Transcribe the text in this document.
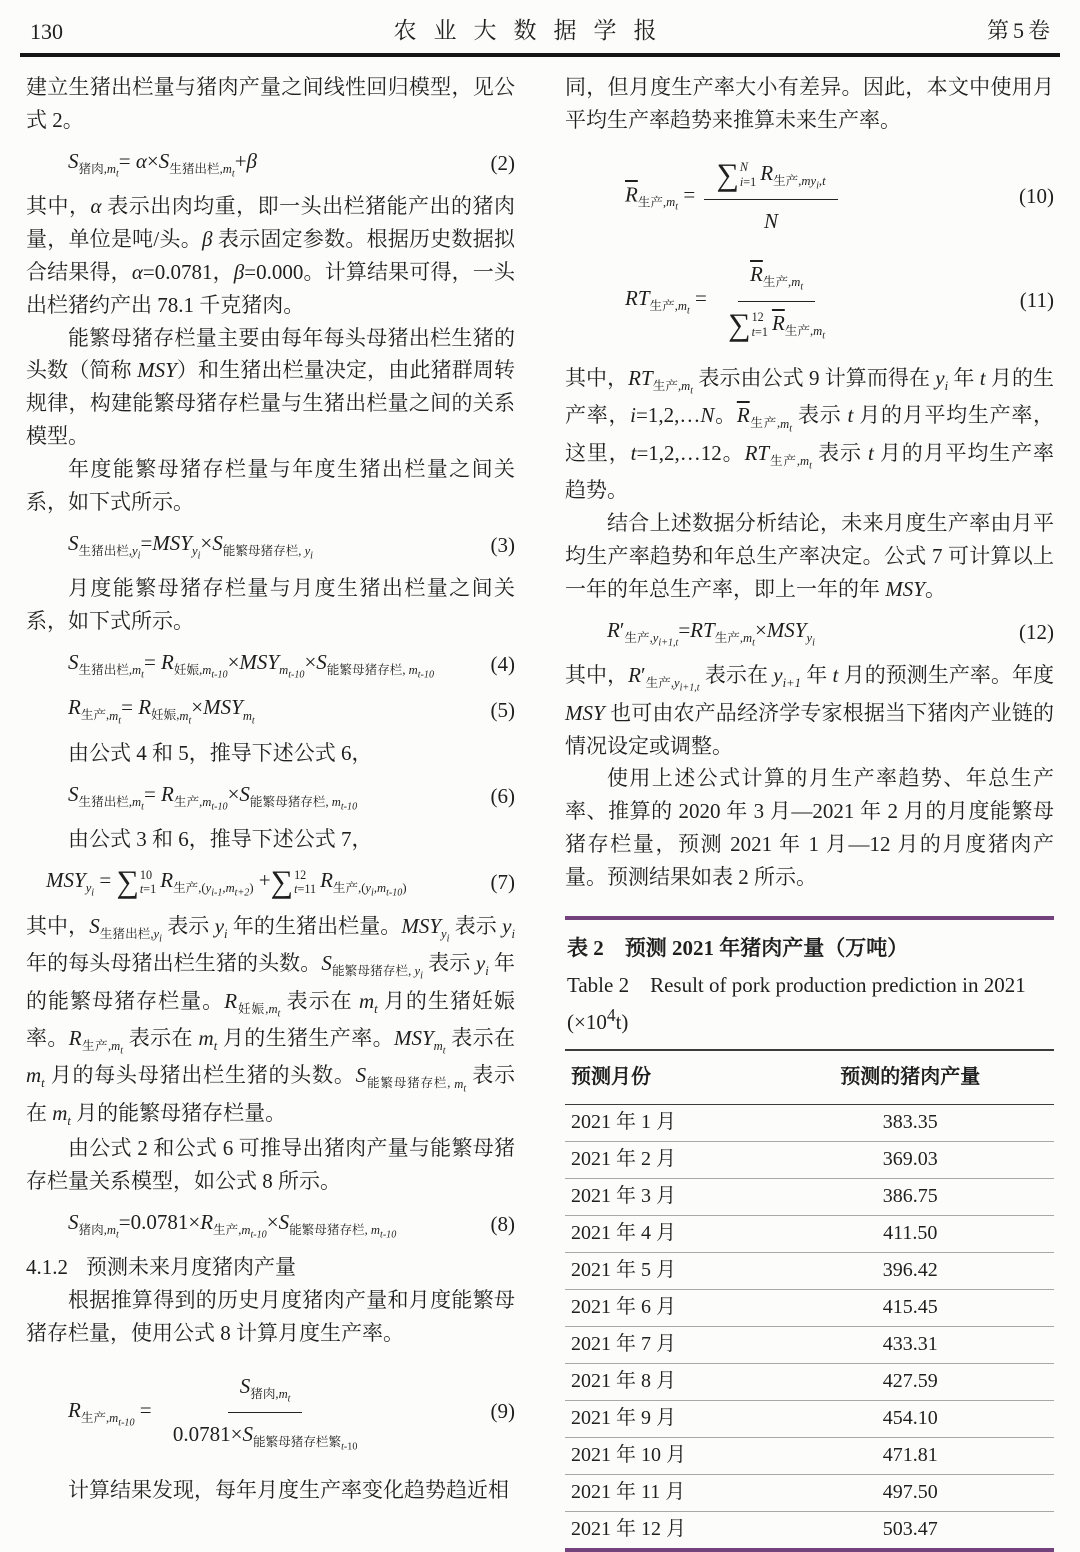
130	农业大数据学报	第5卷

建立生猪出栏量与猪肉产量之间线性回归模型，见公式 2。

$S_{猪肉,m_t}= \alpha\times S_{生猪出栏,m_t}+\beta$	(2)

其中，α 表示出肉均重，即一头出栏猪能产出的猪肉量，单位是吨/头。β 表示固定参数。根据历史数据拟合结果得，α=0.0781，β=0.000。计算结果可得，一头出栏猪约产出 78.1 千克猪肉。

能繁母猪存栏量主要由每年每头母猪出栏生猪的头数（简称 MSY）和生猪出栏量决定，由此猪群周转规律，构建能繁母猪存栏量与生猪出栏量之间的关系模型。

年度能繁母猪存栏量与年度生猪出栏量之间关系，如下式所示。

$S_{生猪出栏,y_i}=MSY_{y_i}\times S_{能繁母猪存栏, y_i}$	(3)

月度能繁母猪存栏量与月度生猪出栏量之间关系，如下式所示。

$S_{生猪出栏,m_t}= R_{妊娠,m_{t-10}}\times MSY_{m_{t-10}}\times S_{能繁母猪存栏, m_{t-10}}$	(4)
$R_{生产,m_t}= R_{妊娠,m_t}\times MSY_{m_t}$	(5)

由公式 4 和 5，推导下述公式 6，

$S_{生猪出栏,m_t}= R_{生产,m_{t-10}}\times S_{能繁母猪存栏, m_{t-10}}$	(6)

由公式 3 和 6，推导下述公式 7，

$MSY_{y_i}$ = ∑ 10
t=1 $R_{生产,(y_{i-1},m_{t+2})}$ +∑ 12
t=11 $R_{生产,(y_i,m_{t-10})}$	(7)

其中，$S_{生猪出栏,y_i}$ 表示 $y_i$ 年的生猪出栏量。$MSY_{y_i}$ 表示 $y_i$ 年的每头母猪出栏生猪的头数。$S_{能繁母猪存栏, y_i}$ 表示 $y_i$ 年的能繁母猪存栏量。$R_{妊娠,m_t}$ 表示在 $m_t$ 月的生猪妊娠率。$R_{生产,m_t}$ 表示在 $m_t$ 月的生猪生产率。$MSY_{m_t}$ 表示在 $m_t$ 月的每头母猪出栏生猪的头数。$S_{能繁母猪存栏, m_t}$ 表示在 $m_t$ 月的能繁母猪存栏量。

由公式 2 和公式 6 可推导出猪肉产量与能繁母猪存栏量关系模型，如公式 8 所示。

$S_{猪肉,m_t}=0.0781\times R_{生产,m_{t-10}}\times S_{能繁母猪存栏, m_{t-10}}$	(8)

4.1.2 预测未来月度猪肉产量

根据推算得到的历史月度猪肉产量和月度能繁母猪存栏量，使用公式 8 计算月度生产率。

$R_{生产,m_{t-10}}$ =
$S_{猪肉,m_t}$
$0.0781\times S_{能繁母猪存栏繁_{t-10}}$
(9)

计算结果发现，每年月度生产率变化趋势趋近相

同，但月度生产率大小有差异。因此，本文中使用月平均生产率趋势来推算未来生产率。

$\overline{R}_{生产,m_t}$ =
∑ N
i=1 $R_{生产,my_i,t}$
N
(10)
$RT_{生产,m_t}$ =
$\overline{R}_{生产,m_t}$
∑ 12
t=1 $\overline{R}_{生产,m_t}$
(11)

其中，$RT_{生产,m_t}$ 表示由公式 9 计算而得在 $y_i$ 年 t 月的生产率，i=1,2,…N。$\overline{R}_{生产,m_t}$ 表示 t 月的月平均生产率，这里，t=1,2,…12。$RT_{生产,m_t}$ 表示 t 月的月平均生产率趋势。

结合上述数据分析结论，未来月度生产率由月平均生产率趋势和年总生产率决定。公式 7 可计算以上一年的年总生产率，即上一年的年 MSY。

$R'_{生产,y_{i+1,t}}=RT_{生产,m_t}\times MSY_{y_i}$	(12)

其中，$R'_{生产,y_{i+1,t}}$ 表示在 $y_{i+1}$ 年 t 月的预测生产率。年度 MSY 也可由农产品经济学专家根据当下猪肉产业链的情况设定或调整。

使用上述公式计算的月生产率趋势、年总生产率、推算的 2020 年 3 月—2021 年 2 月的月度能繁母猪存栏量，预测 2021 年 1 月—12 月的月度猪肉产量。预测结果如表 2 所示。

表 2　预测 2021 年猪肉产量（万吨）
Table 2　Result of pork production prediction in 2021 $(\times 10^4t)$
预测月份	预测的猪肉产量
2021 年 1 月	383.35
2021 年 2 月	369.03
2021 年 3 月	386.75
2021 年 4 月	411.50
2021 年 5 月	396.42
2021 年 6 月	415.45
2021 年 7 月	433.31
2021 年 8 月	427.59
2021 年 9 月	454.10
2021 年 10 月	471.81
2021 年 11 月	497.50
2021 年 12 月	503.47
